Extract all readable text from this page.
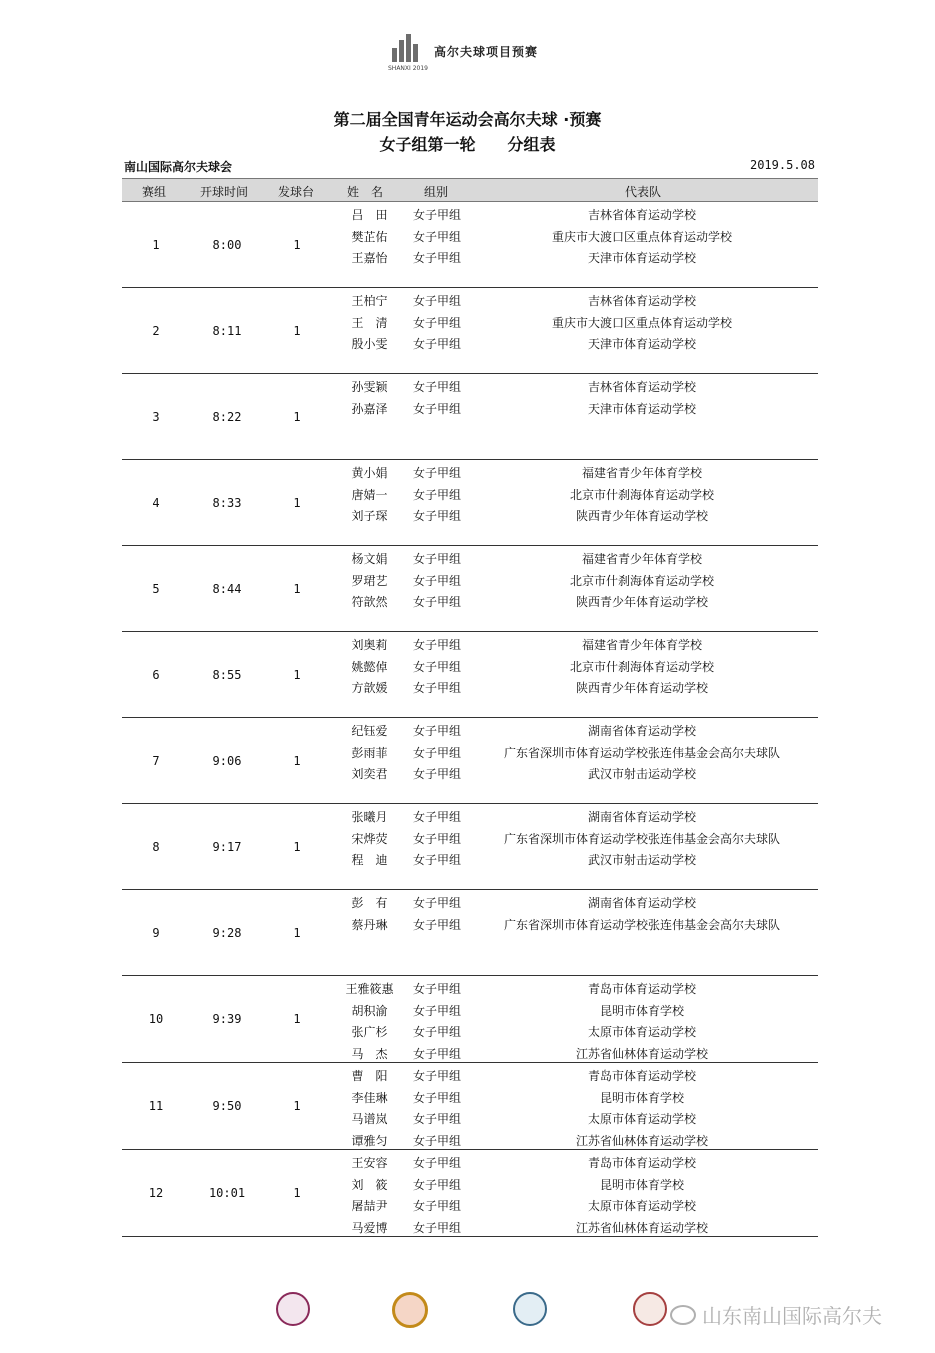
SHANXI 2019
高尔夫球项目预赛
第二届全国青年运动会高尔夫球 ·预赛
女子组第一轮　　分组表
南山国际高尔夫球会	2019.5.08
赛组	开球时间 发球台	姓　名	组别	代表队
1	8:00	1
吕　田	女子甲组	吉林省体育运动学校
樊芷佑	女子甲组	重庆市大渡口区重点体育运动学校
王嘉怡	女子甲组	天津市体育运动学校
2	8:11	1
王柏宁	女子甲组	吉林省体育运动学校
王　清	女子甲组	重庆市大渡口区重点体育运动学校
殷小雯	女子甲组	天津市体育运动学校
3	8:22	1
孙雯颖	女子甲组	吉林省体育运动学校
孙嘉泽	女子甲组	天津市体育运动学校
4	8:33	1
黄小娟	女子甲组	福建省青少年体育学校
唐婧一	女子甲组	北京市什刹海体育运动学校
刘子琛	女子甲组	陕西青少年体育运动学校
5	8:44	1
杨文娟	女子甲组	福建省青少年体育学校
罗珺艺	女子甲组	北京市什刹海体育运动学校
符歆然	女子甲组	陕西青少年体育运动学校
6	8:55	1
刘奥莉	女子甲组	福建省青少年体育学校
姚懿倬	女子甲组	北京市什刹海体育运动学校
方歆媛	女子甲组	陕西青少年体育运动学校
7	9:06	1
纪钰爱	女子甲组	湖南省体育运动学校
彭雨菲	女子甲组	广东省深圳市体育运动学校张连伟基金会高尔夫球队
刘奕君	女子甲组	武汉市射击运动学校
8	9:17	1
张曦月	女子甲组	湖南省体育运动学校
宋烨荧	女子甲组	广东省深圳市体育运动学校张连伟基金会高尔夫球队
程　迪	女子甲组	武汉市射击运动学校
9	9:28	1
彭　有	女子甲组	湖南省体育运动学校
蔡丹琳	女子甲组	广东省深圳市体育运动学校张连伟基金会高尔夫球队
10	9:39	1
王雅筱惠	女子甲组	青岛市体育运动学校
胡积渝	女子甲组	昆明市体育学校
张广杉	女子甲组	太原市体育运动学校
马　杰	女子甲组	江苏省仙林体育运动学校
11	9:50	1
曹　阳	女子甲组	青岛市体育运动学校
李佳琳	女子甲组	昆明市体育学校
马谱岚	女子甲组	太原市体育运动学校
谭雅匀	女子甲组	江苏省仙林体育运动学校
12	10:01	1
王安容	女子甲组	青岛市体育运动学校
刘　筱	女子甲组	昆明市体育学校
屠喆尹	女子甲组	太原市体育运动学校
马爱博	女子甲组	江苏省仙林体育运动学校
山东南山国际高尔夫
